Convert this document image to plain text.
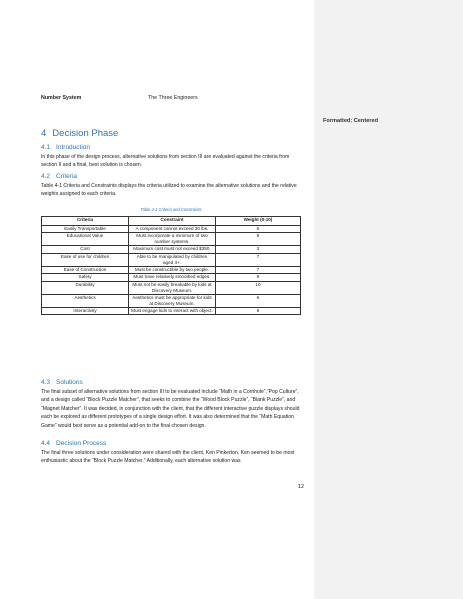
Number System	The Three Engineers
4 Decision Phase
4.1 Introduction
In this phase of the design process, alternative solutions from section III are evaluated against the criteria from section II and a final, best solution is chosen.
4.2 Criteria
Table 4-1 Criteria and Constraints displays the criteria utilized to examine the alternative solutions and the relative weights assigned to each criteria.
Table 4-1 Criteria and Constraints
Criteria	Constraint	Weight (0-10)
Easily Transportable	A component cannot exceed 30 lbs.	6
Educational Value	Must incorporate a minimum of two number systems.	8
Cost	Maximum cost must not exceed $350.	3
Ease of use for children	Able to be manipulated by children aged 4+.	7
Ease of Construction	Must be constructible by two people.	7
Safety	Must have relatively smoothed edges.	9
Durability	Must not be easily breakable by kids at Discovery Museum.	10
Aesthetics	Aesthetics must be appropriate for kids at Discovery Museum.	6
Interactivity	Must engage kids to interact with object.	8
4.3 Solutions
The final subset of alternative solutions from section III to be evaluated include “Math in a Cornhole”,“Pop Culture”, and a design called “Block Puzzle Matcher”, that seeks to combine the “Wood Block Puzzle”, “Blank Puzzle”, and “Magnet Matcher”. It was decided, in conjunction with the client, that the different interactive puzzle displays should each be explored as different prototypes of a single design effort. It was also determined that the “Math Equation Game” would best serve as a potential add-on to the final chosen design.
4.4 Decision Process
The final three solutions under consideration were shared with the client, Ken Pinkerton. Ken seemed to be most enthusiastic about the “Block Puzzle Matcher.” Additionally, each alternative solution was
12
Formatted: Centered
